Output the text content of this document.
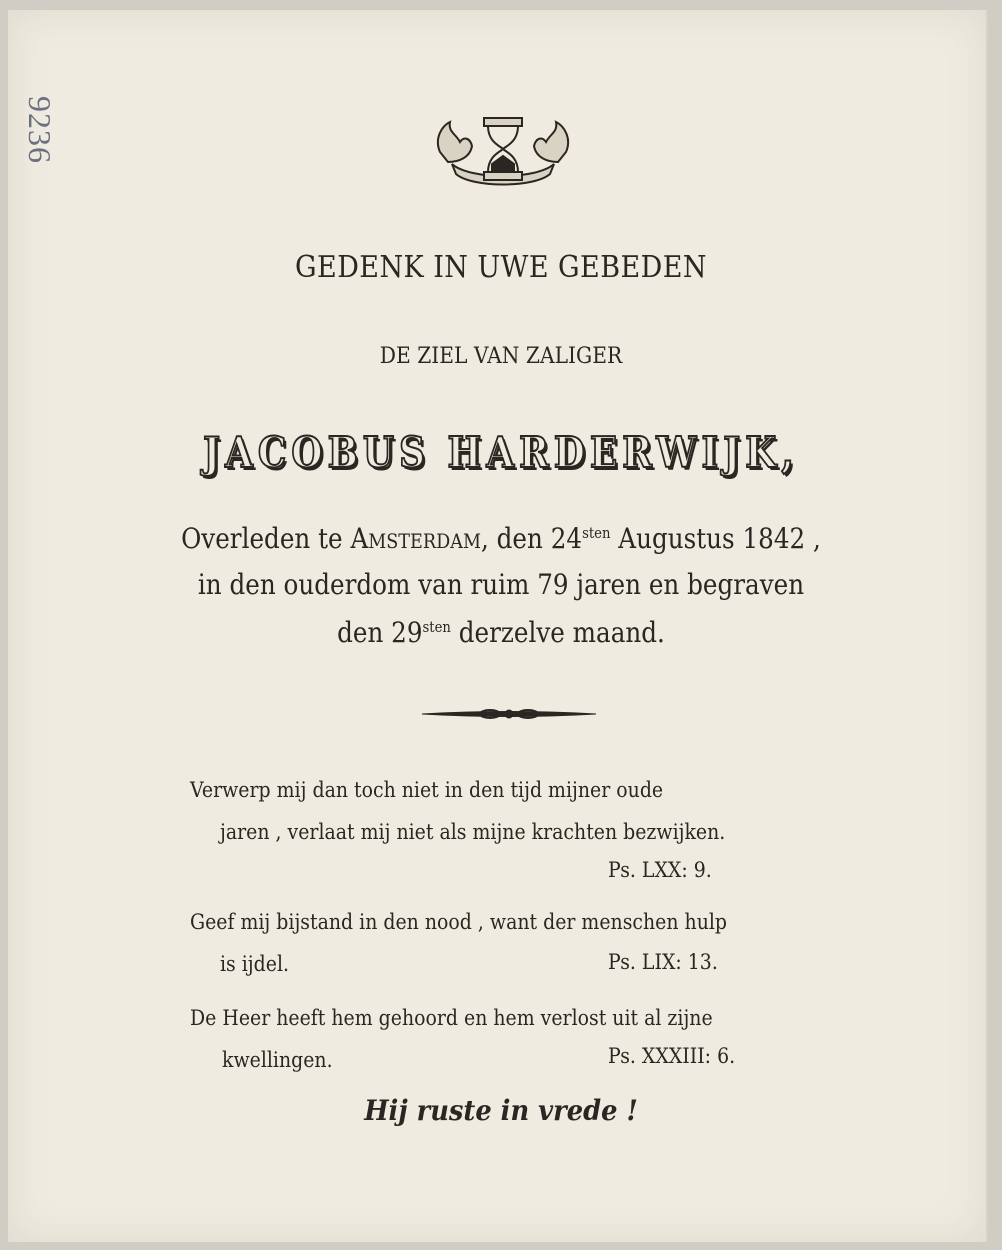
9236
GEDENK IN UWE GEBEDEN
DE ZIEL VAN ZALIGER
JACOBUS HARDERWIJK,
Overleden te Amsterdam, den $24^{sten}$ Augustus 1842 ,
in den ouderdom van ruim 79 jaren en begraven
den $29^{sten}$ derzelve maand.
Verwerp mij dan toch niet in den tijd mijner oude
jaren , verlaat mij niet als mijne krachten bezwijken.
Ps. LXX: 9.
Geef mij bijstand in den nood , want der menschen hulp
is ijdel.	Ps. LIX: 13.
De Heer heeft hem gehoord en hem verlost uit al zijne
kwellingen.	Ps. XXXIII: 6.
Hij ruste in vrede !
